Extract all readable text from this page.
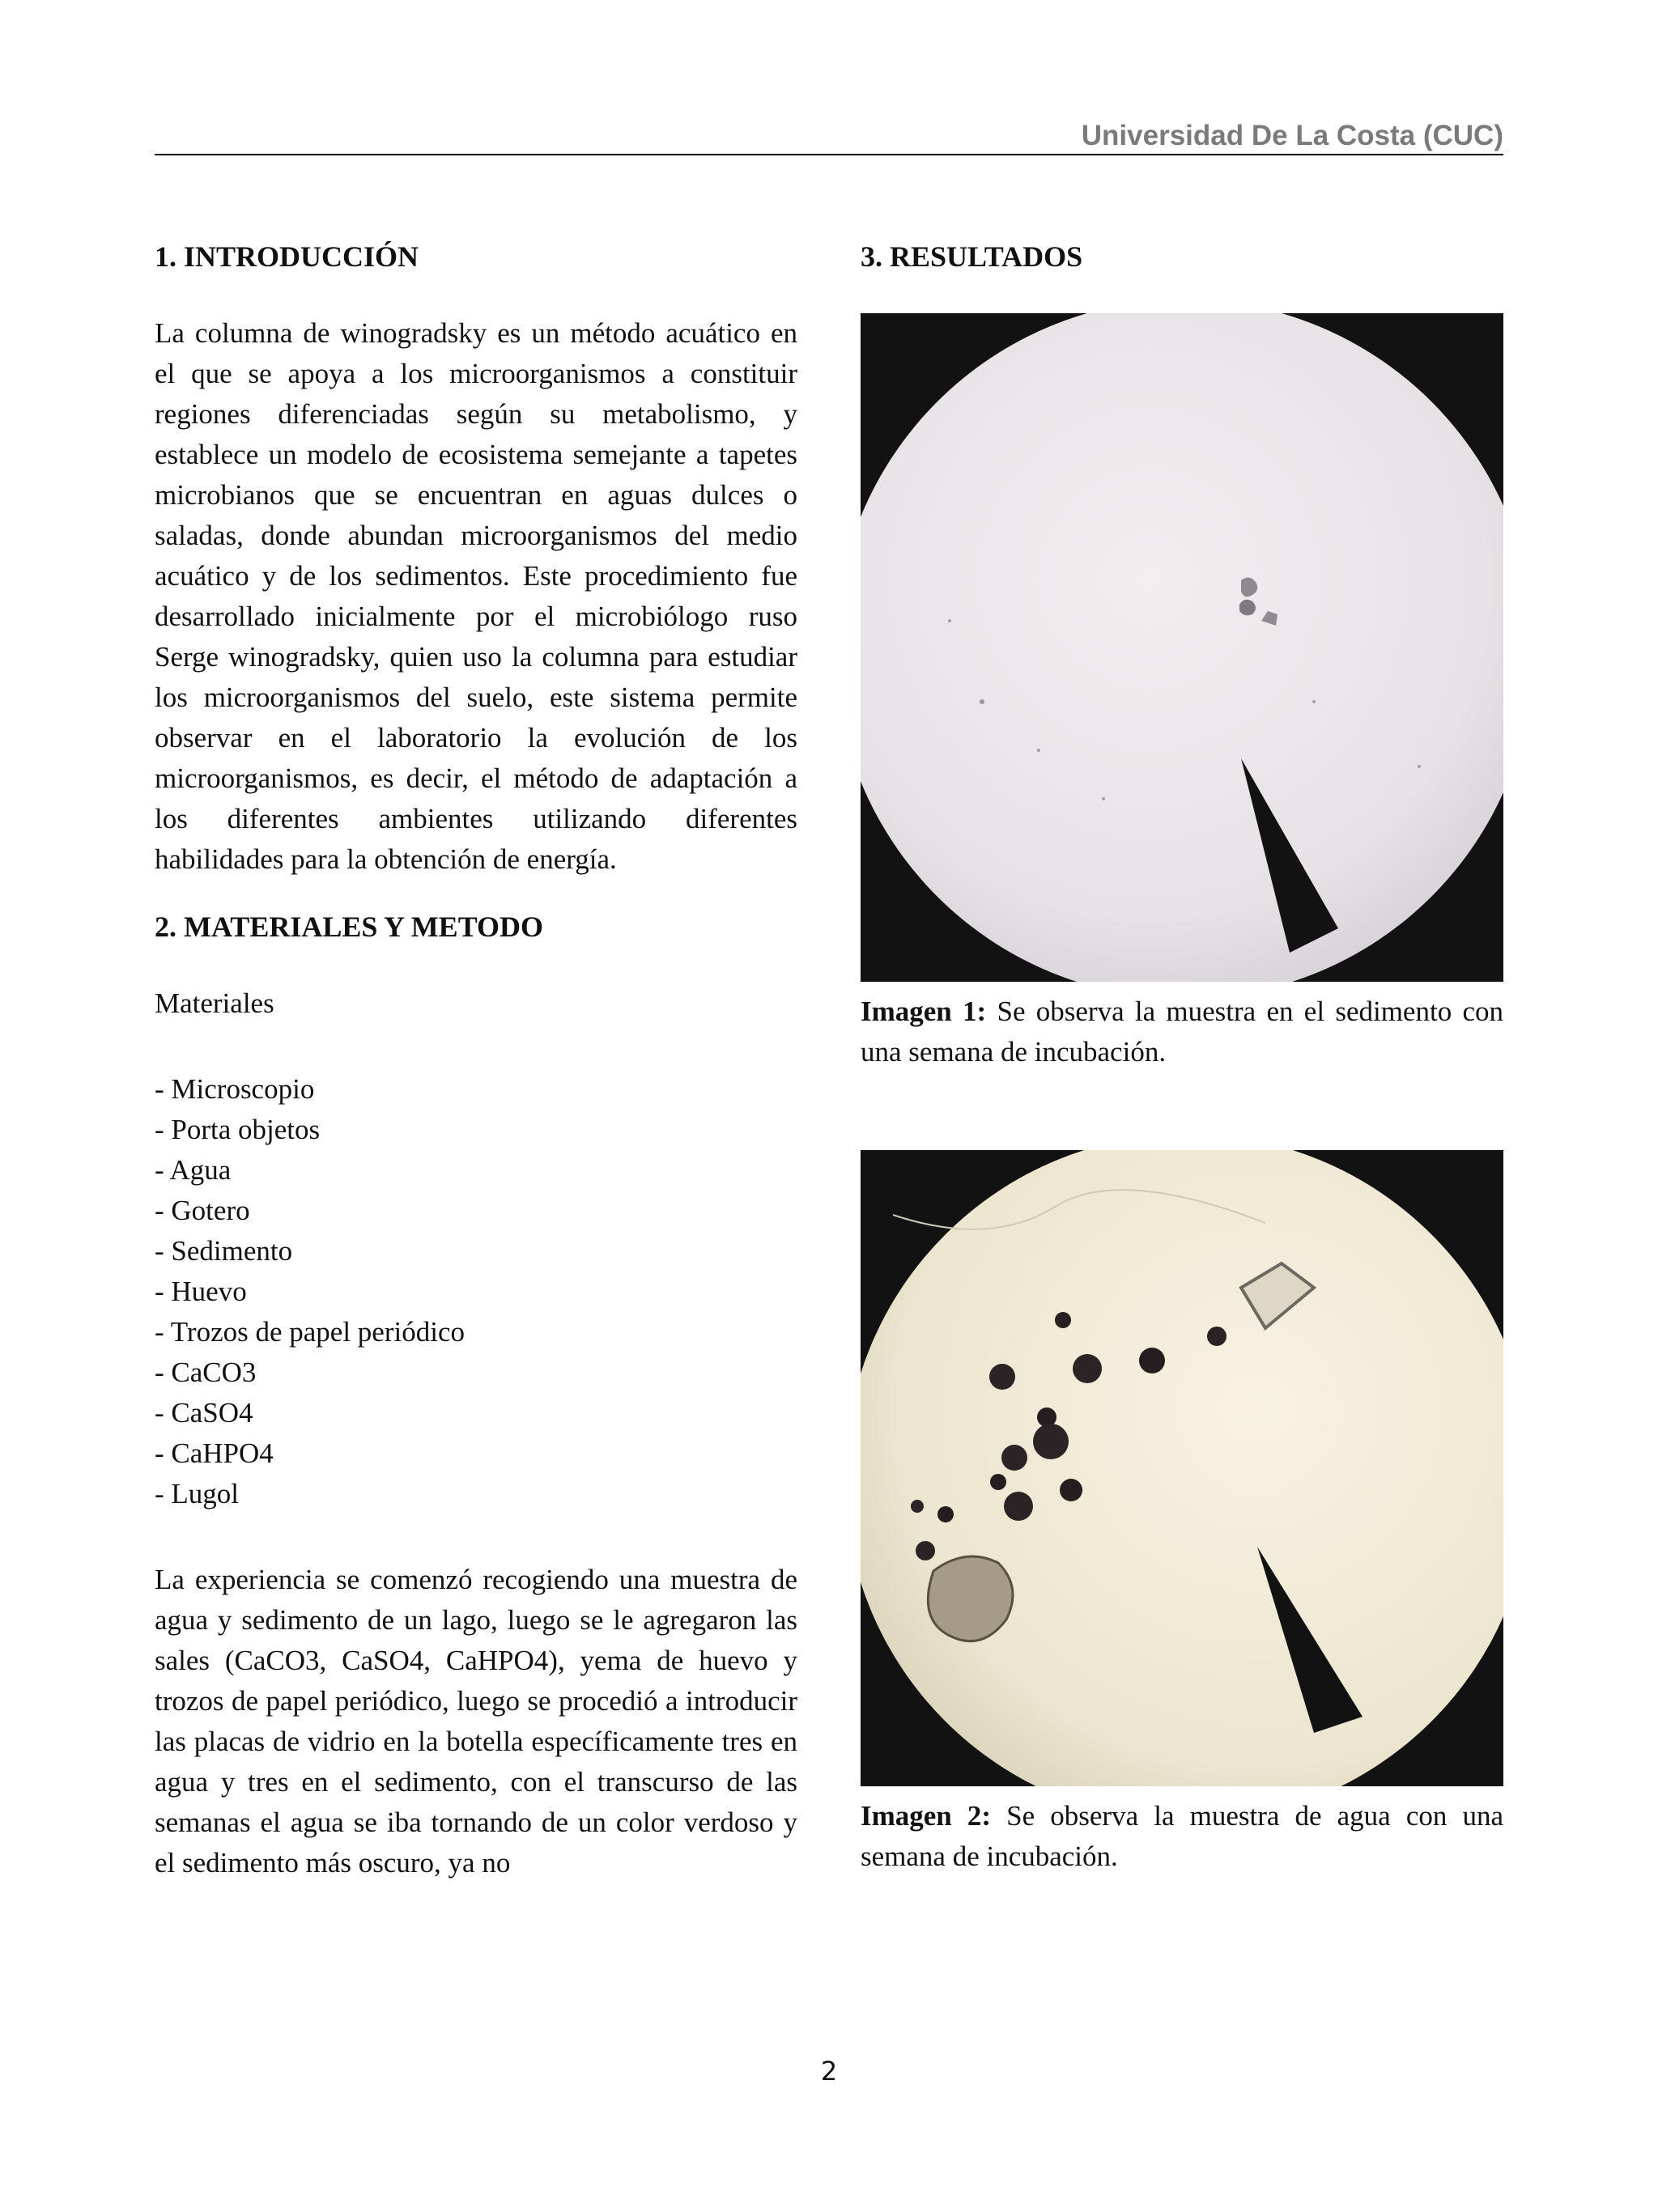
Universidad De La Costa (CUC)
1. INTRODUCCIÓN

La columna de winogradsky es un método acuático en el que se apoya a los microorganismos a constituir regiones diferenciadas según su metabolismo, y establece un modelo de ecosistema semejante a tapetes microbianos que se encuentran en aguas dulces o saladas, donde abundan microorganismos del medio acuático y de los sedimentos. Este procedimiento fue desarrollado inicialmente por el microbiólogo ruso Serge winogradsky, quien uso la columna para estudiar los microorganismos del suelo, este sistema permite observar en el laboratorio la evolución de los microorganismos, es decir, el método de adaptación a los diferentes ambientes utilizando diferentes habilidades para la obtención de energía.

2. MATERIALES Y METODO
Materiales
- Microscopio
- Porta objetos
- Agua
- Gotero
- Sedimento
- Huevo
- Trozos de papel periódico
- CaCO3
- CaSO4
- CaHPO4
- Lugol

La experiencia se comenzó recogiendo una muestra de agua y sedimento de un lago, luego se le agregaron las sales (CaCO3, CaSO4, CaHPO4), yema de huevo y trozos de papel periódico, luego se procedió a introducir las placas de vidrio en la botella específicamente tres en agua y tres en el sedimento, con el transcurso de las semanas el agua se iba tornando de un color verdoso y el sedimento más oscuro, ya no

3. RESULTADOS

Imagen 1: Se observa la muestra en el sedimento con una semana de incubación.

Imagen 2: Se observa la muestra de agua con una semana de incubación.

2
